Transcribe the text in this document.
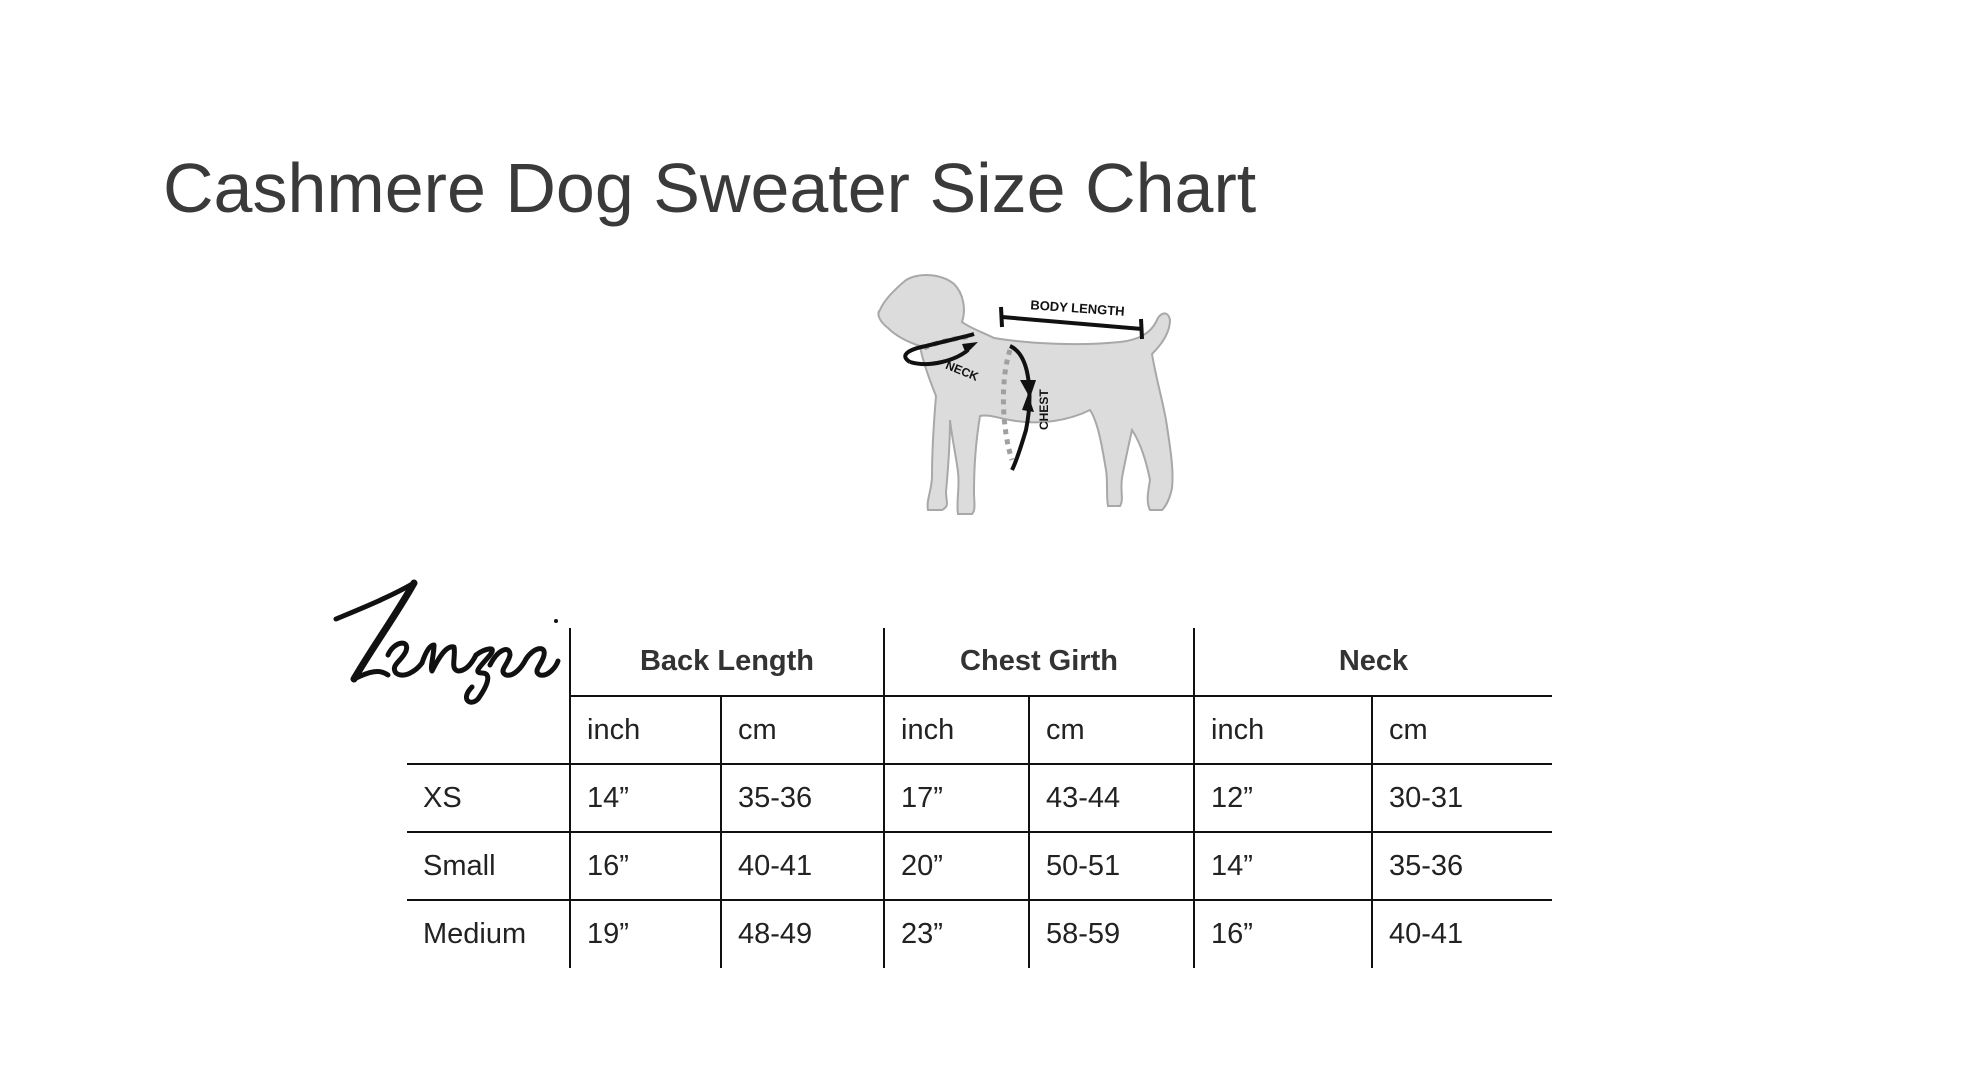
Cashmere Dog Sweater Size Chart
BODY LENGTH
NECK
CHEST
	Back Length		Chest Girth		Neck	
	inch	cm	inch	cm	inch	cm
XS	14”	35-36	17”	43-44	12”	30-31
Small	16”	40-41	20”	50-51	14”	35-36
Medium	19”	48-49	23”	58-59	16”	40-41
